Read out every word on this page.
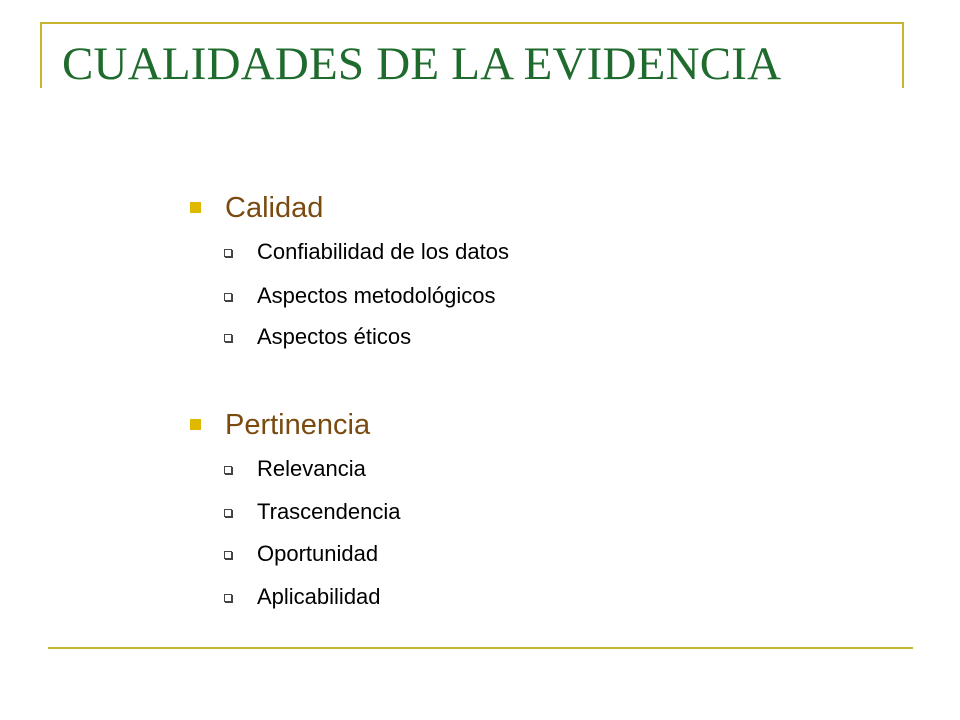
CUALIDADES DE LA EVIDENCIA
Calidad
Confiabilidad de los datos
Aspectos metodológicos
Aspectos éticos
Pertinencia
Relevancia
Trascendencia
Oportunidad
Aplicabilidad
